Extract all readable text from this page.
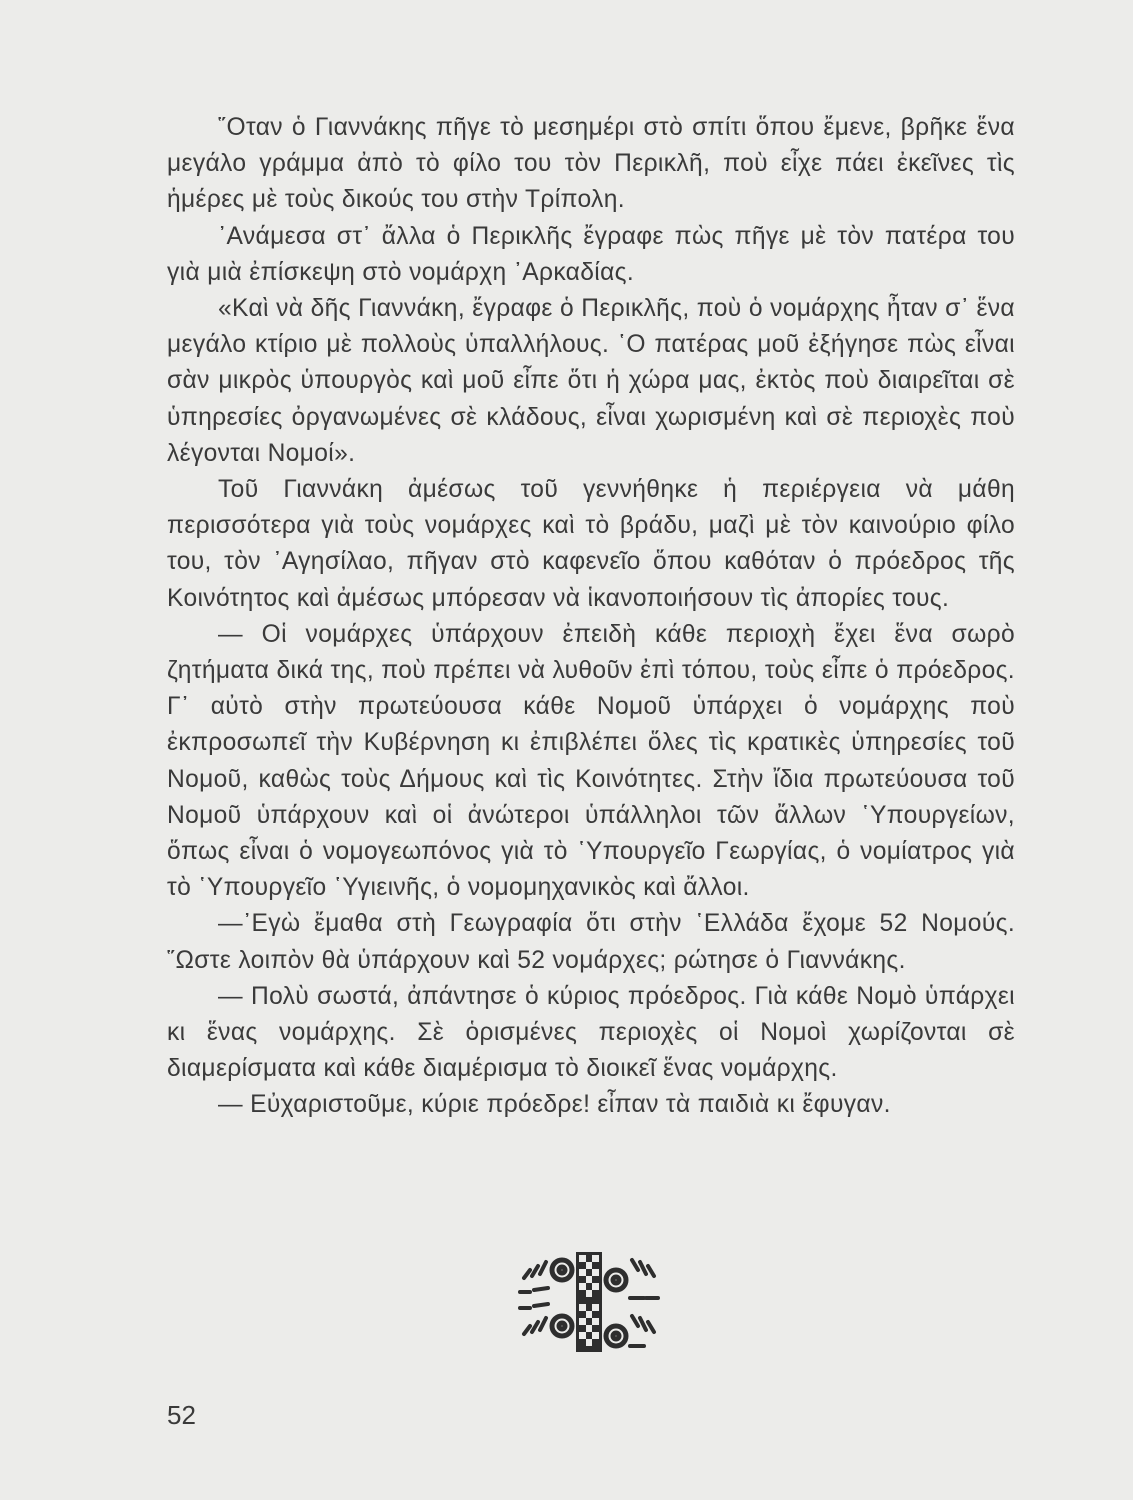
῞Οταν ὁ Γιαννάκης πῆγε τὸ μεσημέρι στὸ σπίτι ὅπου ἔμενε, βρῆκε ἕνα μεγάλο γράμμα ἀπὸ τὸ φίλο του τὸν Περικλῆ, ποὺ εἶχε πάει ἐκεῖνες τὶς ἡμέρες μὲ τοὺς δικούς του στὴν Τρίπολη.

᾿Ανάμεσα στ᾿ ἄλλα ὁ Περικλῆς ἔγραφε πὼς πῆγε μὲ τὸν πατέρα του γιὰ μιὰ ἐπίσκεψη στὸ νομάρχη ᾿Αρκαδίας.

«Καὶ νὰ δῆς Γιαννάκη, ἔγραφε ὁ Περικλῆς, ποὺ ὁ νομάρχης ἦταν σ᾿ ἕνα μεγάλο κτίριο μὲ πολλοὺς ὑπαλλήλους. ῾Ο πατέρας μοῦ ἐξήγησε πὼς εἶναι σὰν μικρὸς ὑπουργὸς καὶ μοῦ εἶπε ὅτι ἡ χώρα μας, ἐκτὸς ποὺ διαιρεῖται σὲ ὑπηρεσίες ὀργανωμένες σὲ κλάδους, εἶναι χωρισμένη καὶ σὲ περιοχὲς ποὺ λέγονται Νομοί».

Τοῦ Γιαννάκη ἀμέσως τοῦ γεννήθηκε ἡ περιέργεια νὰ μάθη περισσότερα γιὰ τοὺς νομάρχες καὶ τὸ βράδυ, μαζὶ μὲ τὸν καινούριο φίλο του, τὸν ᾿Αγησίλαο, πῆγαν στὸ καφενεῖο ὅπου καθόταν ὁ πρόεδρος τῆς Κοινότητος καὶ ἀμέσως μπόρεσαν νὰ ἱκανοποιήσουν τὶς ἀπορίες τους.

— Οἱ νομάρχες ὑπάρχουν ἐπειδὴ κάθε περιοχὴ ἔχει ἕνα σωρὸ ζητήματα δικά της, ποὺ πρέπει νὰ λυθοῦν ἐπὶ τόπου, τοὺς εἶπε ὁ πρόεδρος. Γ᾿ αὐτὸ στὴν πρωτεύουσα κάθε Νομοῦ ὑπάρχει ὁ νομάρχης ποὺ ἐκπροσωπεῖ τὴν Κυβέρνηση κι ἐπιβλέπει ὅλες τὶς κρατικὲς ὑπηρεσίες τοῦ Νομοῦ, καθὼς τοὺς Δήμους καὶ τὶς Κοινότητες. Στὴν ἴδια πρωτεύουσα τοῦ Νομοῦ ὑπάρχουν καὶ οἱ ἀνώτεροι ὑπάλληλοι τῶν ἄλλων ῾Υπουργείων, ὅπως εἶναι ὁ νομογεωπόνος γιὰ τὸ ῾Υπουργεῖο Γεωργίας, ὁ νομίατρος γιὰ τὸ ῾Υπουργεῖο ῾Υγιεινῆς, ὁ νομομηχανικὸς καὶ ἄλλοι.

—᾿Εγὼ ἔμαθα στὴ Γεωγραφία ὅτι στὴν ῾Ελλάδα ἔχομε 52 Νομούς. ῞Ωστε λοιπὸν θὰ ὑπάρχουν καὶ 52 νομάρχες; ρώτησε ὁ Γιαννάκης.

— Πολὺ σωστά, ἀπάντησε ὁ κύριος πρόεδρος. Γιὰ κάθε Νομὸ ὑπάρχει κι ἕνας νομάρχης. Σὲ ὁρισμένες περιοχὲς οἱ Νομοὶ χωρίζονται σὲ διαμερίσματα καὶ κάθε διαμέρισμα τὸ διοικεῖ ἕνας νομάρχης.

— Εὐχαριστοῦμε, κύριε πρόεδρε! εἶπαν τὰ παιδιὰ κι ἔφυγαν.

52
